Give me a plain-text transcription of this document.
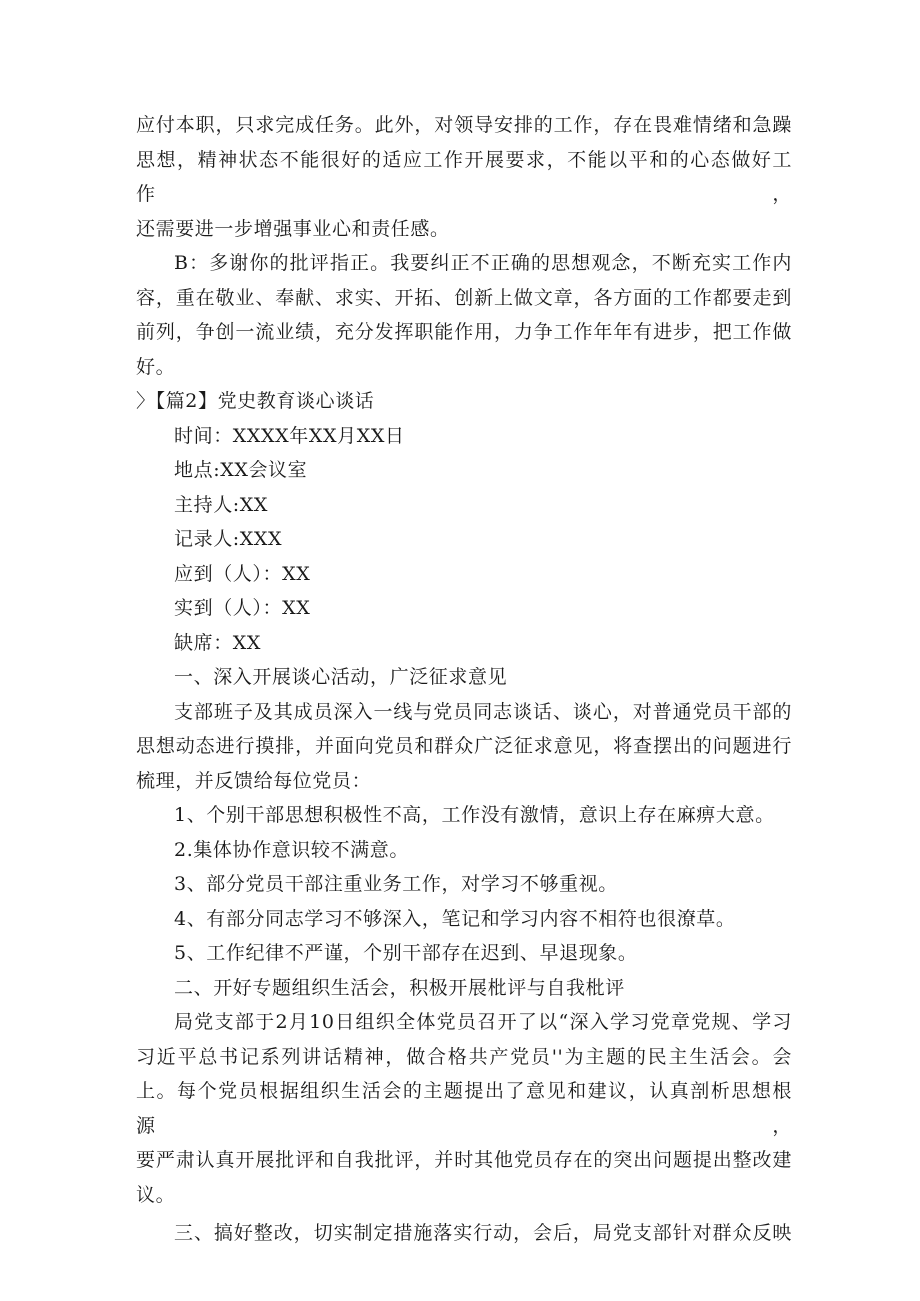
应付本职，只求完成任务。此外，对领导安排的工作，存在畏难情绪和急躁
思想，精神状态不能很好的适应工作开展要求，不能以平和的心态做好工作，
还需要进一步增强事业心和责任感。

B：多谢你的批评指正。我要纠正不正确的思想观念，不断充实工作内
容，重在敬业、奉献、求实、开拓、创新上做文章，各方面的工作都要走到
前列，争创一流业绩，充分发挥职能作用，力争工作年年有进步，把工作做
好。

〉【篇2】党史教育谈心谈话

时间：XXXX年XX月XX日

地点:XX会议室

主持人:XX

记录人:XXX

应到（人）：XX

实到（人）：XX

缺席：XX

一、深入开展谈心活动，广泛征求意见

支部班子及其成员深入一线与党员同志谈话、谈心，对普通党员干部的
思想动态进行摸排，并面向党员和群众广泛征求意见，将查摆出的问题进行
梳理，并反馈给每位党员：

1、个别干部思想积极性不高，工作没有激情，意识上存在麻痹大意。

2.集体协作意识较不满意。

3、部分党员干部注重业务工作，对学习不够重视。

4、有部分同志学习不够深入，笔记和学习内容不相符也很潦草。

5、工作纪律不严谨，个别干部存在迟到、早退现象。

二、开好专题组织生活会，积极开展枇评与自我枇评

局党支部于2月10日组织全体党员召开了以“深入学习党章党规、学习
习近平总书记系列讲话精神，做合格共产党员''为主题的民主生活会。会
上。每个党员根据组织生活会的主题提出了意见和建议，认真剖析思想根源，
要严肃认真开展批评和自我批评，并时其他党员存在的突出问题提出整改建
议。

三、搞好整改，切实制定措施落实行动，会后，局党支部针对群众反映
